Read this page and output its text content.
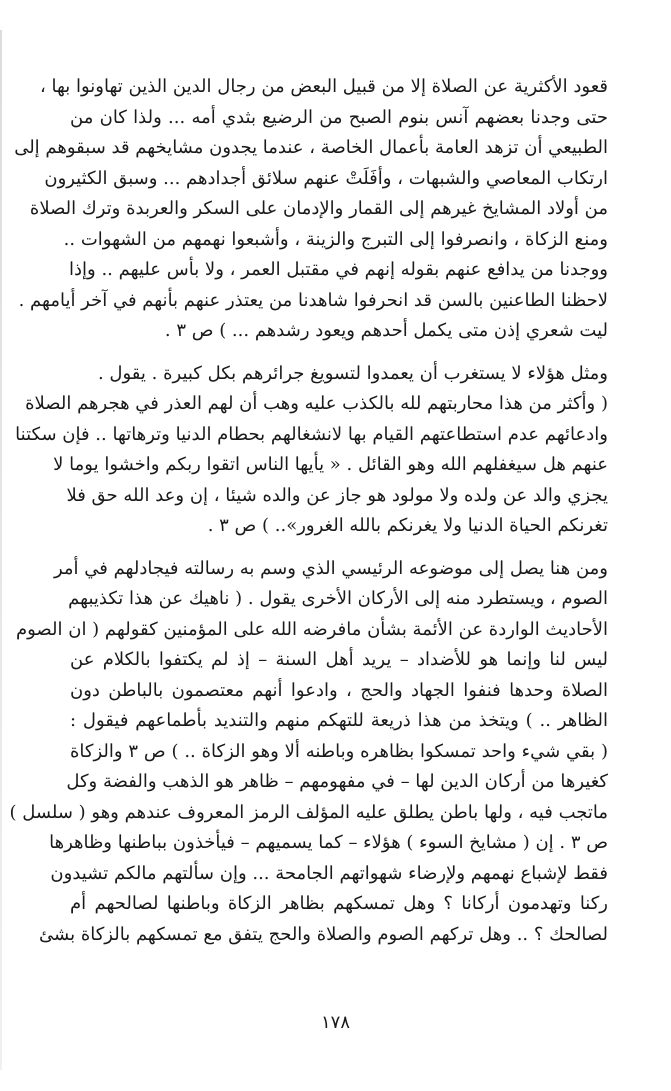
قعود الأكثرية عن الصلاة إلا من قبيل البعض من رجال الدين الذين تهاونوا بها ،
حتى وجدنا بعضهم آنس بنوم الصبح من الرضيع بثدي أمه ... ولذا كان من
الطبيعي أن تزهد العامة بأعمال الخاصة ، عندما يجدون مشايخهم قد سبقوهم إلى
ارتكاب المعاصي والشبهات ، وأفَلَتْ عنهم سلائق أجدادهم ... وسبق الكثيرون
من أولاد المشايخ غيرهم إلى القمار والإدمان على السكر والعربدة وترك الصلاة
ومنع الزكاة ، وانصرفوا إلى التبرج والزينة ، وأشبعوا نهمهم من الشهوات ..
ووجدنا من يدافع عنهم بقوله إنهم في مقتبل العمر ، ولا بأس عليهم .. وإذا
لاحظنا الطاعنين بالسن قد انحرفوا شاهدنا من يعتذر عنهم بأنهم في آخر أيامهم .
ليت شعري إذن متى يكمل أحدهم ويعود رشدهم ... ) ص ٣ .
ومثل هؤلاء لا يستغرب أن يعمدوا لتسويغ جرائرهم بكل كبيرة . يقول .
( وأكثر من هذا محاربتهم لله بالكذب عليه وهب أن لهم العذر في هجرهم الصلاة
وادعائهم عدم استطاعتهم القيام بها لانشغالهم بحطام الدنيا وترهاتها .. فإن سكتنا
عنهم هل سيغفلهم الله وهو القائل . « يأيها الناس اتقوا ربكم واخشوا يوما لا
يجزي والد عن ولده ولا مولود هو جاز عن والده شيئا ، إن وعد الله حق فلا
تغرنكم الحياة الدنيا ولا يغرنكم بالله الغرور».. ) ص ٣ .
ومن هنا يصل إلى موضوعه الرئيسي الذي وسم به رسالته فيجادلهم في أمر
الصوم ، ويستطرد منه إلى الأركان الأخرى يقول . ( ناهيك عن هذا تكذيبهم
الأحاديث الواردة عن الأئمة بشأن مافرضه الله على المؤمنين كقولهم ( ان الصوم
ليس لنا وإنما هو للأضداد – يريد أهل السنة – إذ لم يكتفوا بالكلام عن
الصلاة وحدها فنفوا الجهاد والحج ، وادعوا أنهم معتصمون بالباطن دون
الظاهر .. ) ويتخذ من هذا ذريعة للتهكم منهم والتنديد بأطماعهم فيقول :
( بقي شيء واحد تمسكوا بظاهره وباطنه ألا وهو الزكاة .. ) ص ٣ والزكاة
كغيرها من أركان الدين لها – في مفهومهم – ظاهر هو الذهب والفضة وكل
ماتجب فيه ، ولها باطن يطلق عليه المؤلف الرمز المعروف عندهم وهو ( سلسل )
ص ٣ . إن ( مشايخ السوء ) هؤلاء – كما يسميهم – فيأخذون بباطنها وظاهرها
فقط لإشباع نهمهم ولإرضاء شهواتهم الجامحة ... وإن سألتهم مالكم تشيدون
ركنا وتهدمون أركانا ؟ وهل تمسكهم بظاهر الزكاة وباطنها لصالحهم أم
لصالحك ؟ .. وهل تركهم الصوم والصلاة والحج يتفق مع تمسكهم بالزكاة بشئ
١٧٨
